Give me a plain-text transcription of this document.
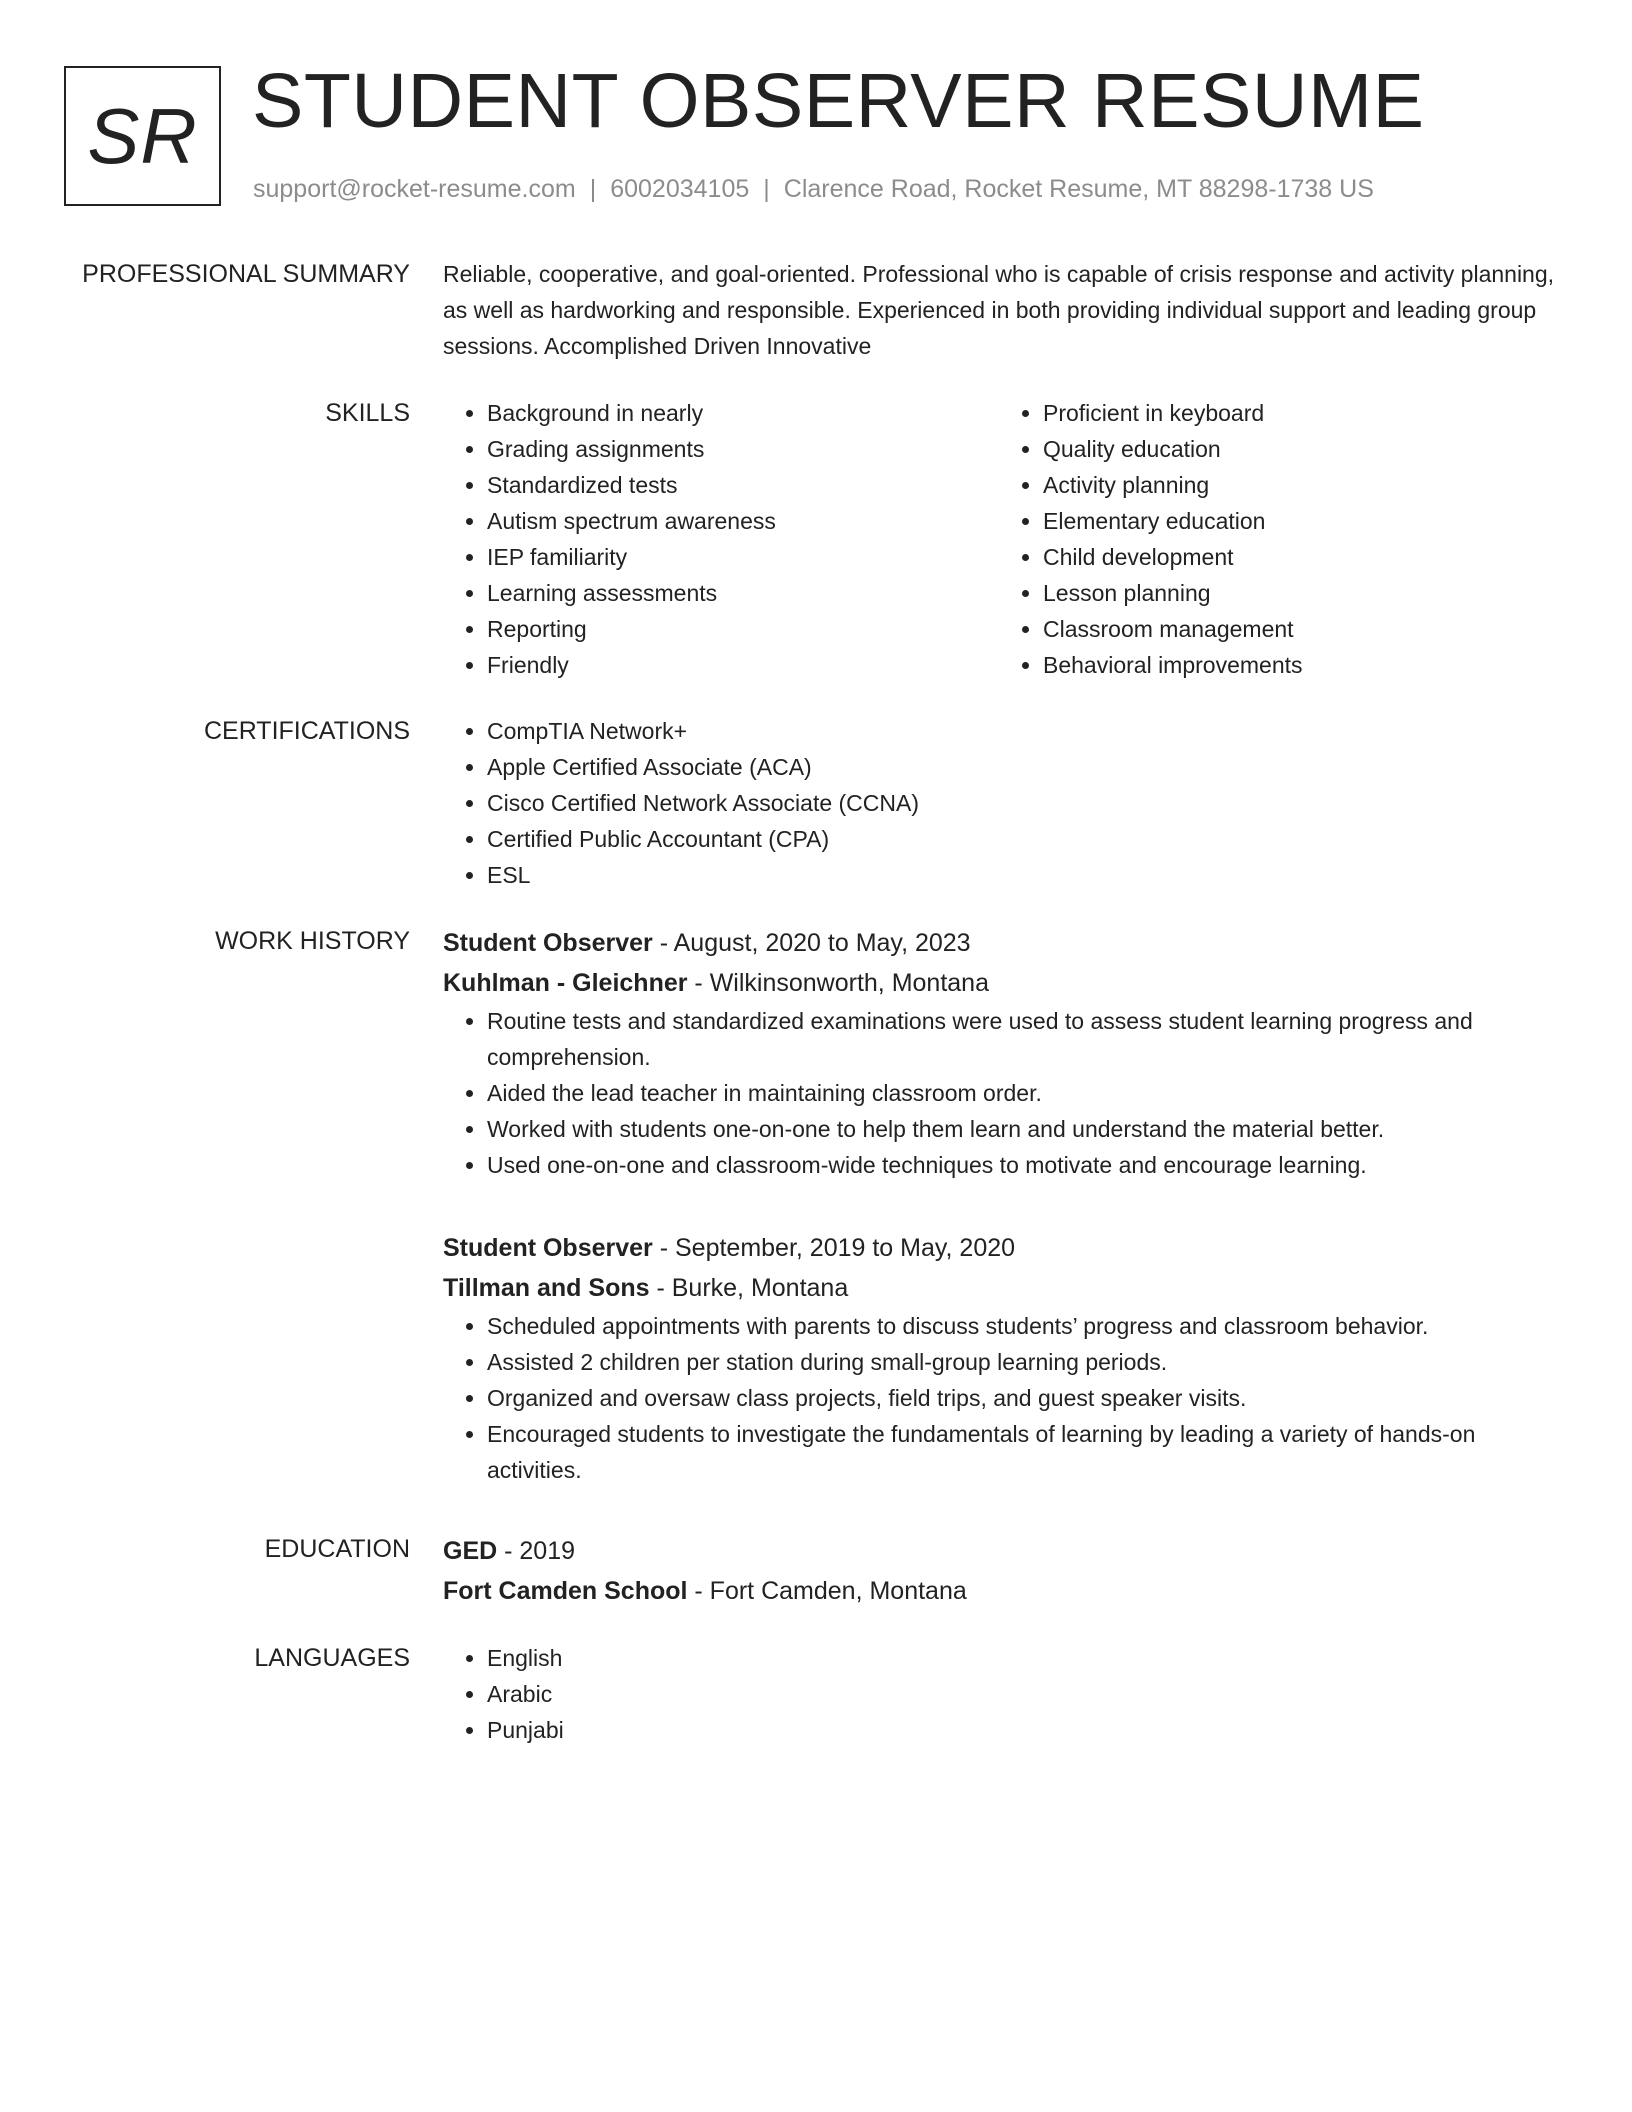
SR STUDENT OBSERVER RESUME
support@rocket-resume.com | 6002034105 | Clarence Road, Rocket Resume, MT 88298-1738 US
PROFESSIONAL SUMMARY Reliable, cooperative, and goal-oriented. Professional who is capable of crisis response and activity planning, as well as hardworking and responsible. Experienced in both providing individual support and leading group sessions. Accomplished Driven Innovative

SKILLS	• Background in nearly
• Grading assignments
• Standardized tests
• Autism spectrum awareness
• IEP familiarity
• Learning assessments
• Reporting
• Friendly
• Proficient in keyboard
• Quality education
• Activity planning
• Elementary education
• Child development
• Lesson planning
• Classroom management
• Behavioral improvements
CERTIFICATIONS	• CompTIA Network+
• Apple Certified Associate (ACA)
• Cisco Certified Network Associate (CCNA)
• Certified Public Accountant (CPA)
• ESL
WORK HISTORY Student Observer - August, 2020 to May, 2023
Kuhlman - Gleichner - Wilkinsonworth, Montana
• Routine tests and standardized examinations were used to assess student learning progress and comprehension.
• Aided the lead teacher in maintaining classroom order.
• Worked with students one-on-one to help them learn and understand the material better.
• Used one-on-one and classroom-wide techniques to motivate and encourage learning.
Student Observer - September, 2019 to May, 2020
Tillman and Sons - Burke, Montana
• Scheduled appointments with parents to discuss students’ progress and classroom behavior.
• Assisted 2 children per station during small-group learning periods.
• Organized and oversaw class projects, field trips, and guest speaker visits.
• Encouraged students to investigate the fundamentals of learning by leading a variety of hands-on activities.
EDUCATION GED - 2019
Fort Camden School - Fort Camden, Montana
LANGUAGES	• English
• Arabic
• Punjabi
